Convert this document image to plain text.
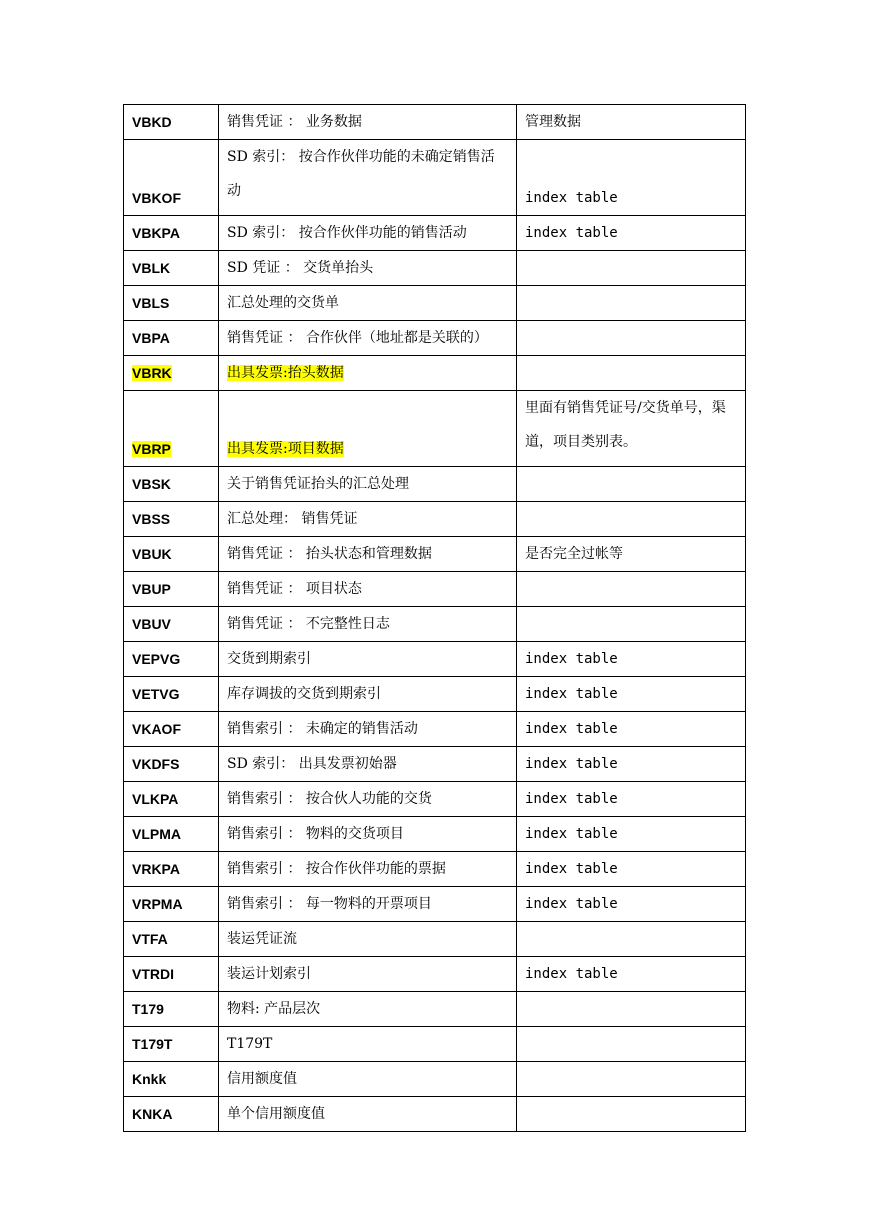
VBKD	销售凭证 ： 业务数据	管理数据
VBKOF	SD 索引： 按合作伙伴功能的未确定销售活动	index table
VBKPA	SD 索引： 按合作伙伴功能的销售活动	index table
VBLK	SD 凭证 ： 交货单抬头	
VBLS	汇总处理的交货单	
VBPA	销售凭证 ： 合作伙伴（地址都是关联的）	
VBRK	出具发票:抬头数据	
VBRP	出具发票:项目数据	里面有销售凭证号/交货单号，渠道，项目类别表。

VBSK	关于销售凭证抬头的汇总处理	
VBSS	汇总处理： 销售凭证	
VBUK	销售凭证 ： 抬头状态和管理数据	是否完全过帐等
VBUP	销售凭证 ： 项目状态	
VBUV	销售凭证 ： 不完整性日志	
VEPVG	交货到期索引	index table
VETVG	库存调拔的交货到期索引	index table
VKAOF	销售索引 ： 未确定的销售活动	index table
VKDFS	SD 索引： 出具发票初始器	index table
VLKPA	销售索引 ： 按合伙人功能的交货	index table
VLPMA	销售索引 ： 物料的交货项目	index table
VRKPA	销售索引 ： 按合作伙伴功能的票据	index table
VRPMA	销售索引 ： 每一物料的开票项目	index table
VTFA	装运凭证流	
VTRDI	装运计划索引	index table
T179	物料: 产品层次	
T179T	T179T	
Knkk	信用额度值	
KNKA	单个信用额度值	
